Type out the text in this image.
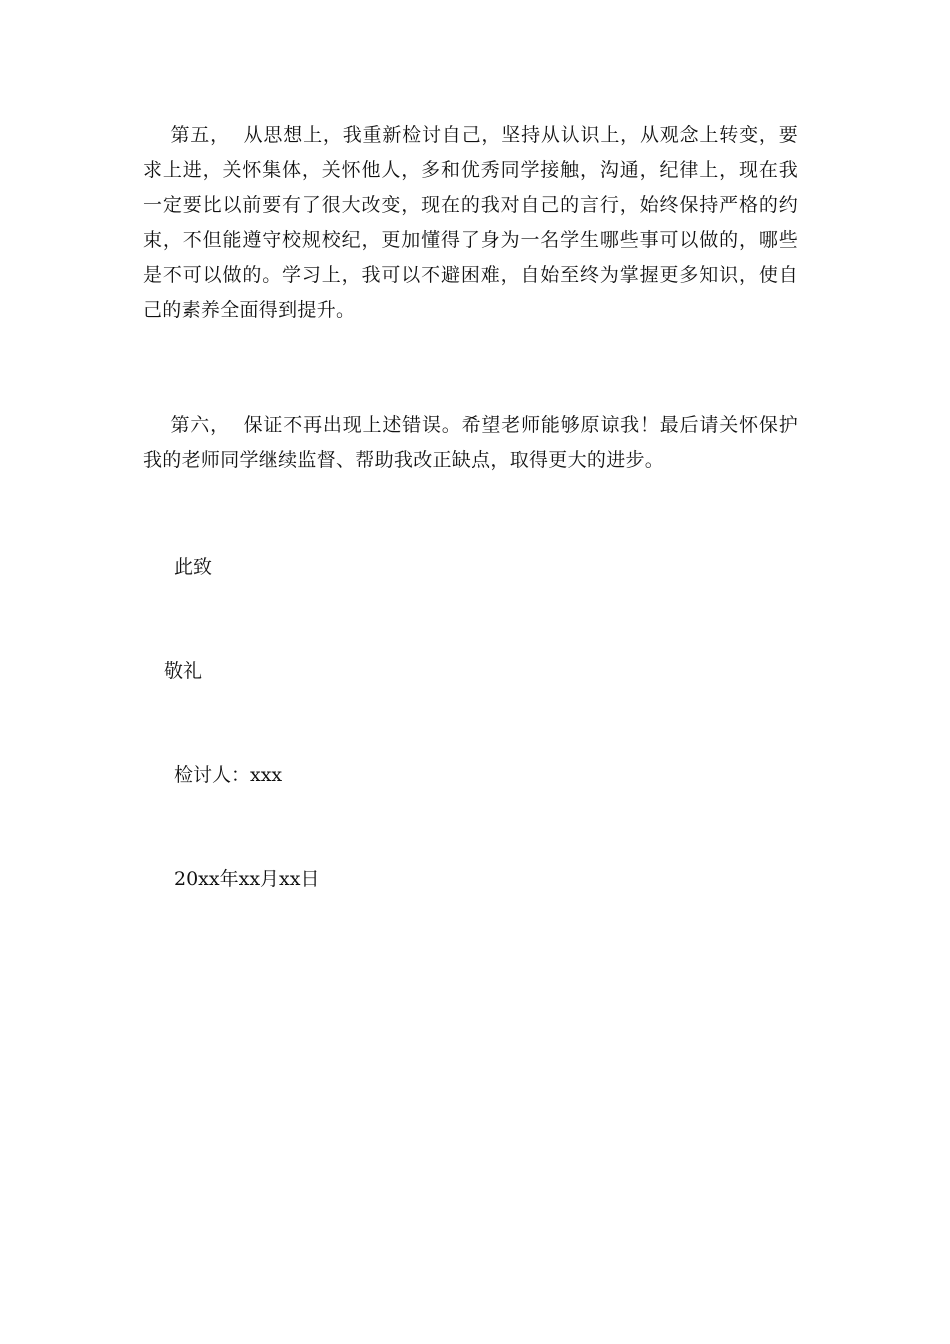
第五，  从思想上，我重新检讨自己，坚持从认识上，从观念上转变，要求上进，关怀集体，关怀他人，多和优秀同学接触，沟通，纪律上，现在我一定要比以前要有了很大改变，现在的我对自己的言行，始终保持严格的约束，不但能遵守校规校纪，更加懂得了身为一名学生哪些事可以做的，哪些是不可以做的。学习上，我可以不避困难，自始至终为掌握更多知识，使自己的素养全面得到提升。

第六，  保证不再出现上述错误。希望老师能够原谅我！最后请关怀保护我的老师同学继续监督、帮助我改正缺点，取得更大的进步。

此致

敬礼

检讨人：xxx

20xx年xx月xx日
